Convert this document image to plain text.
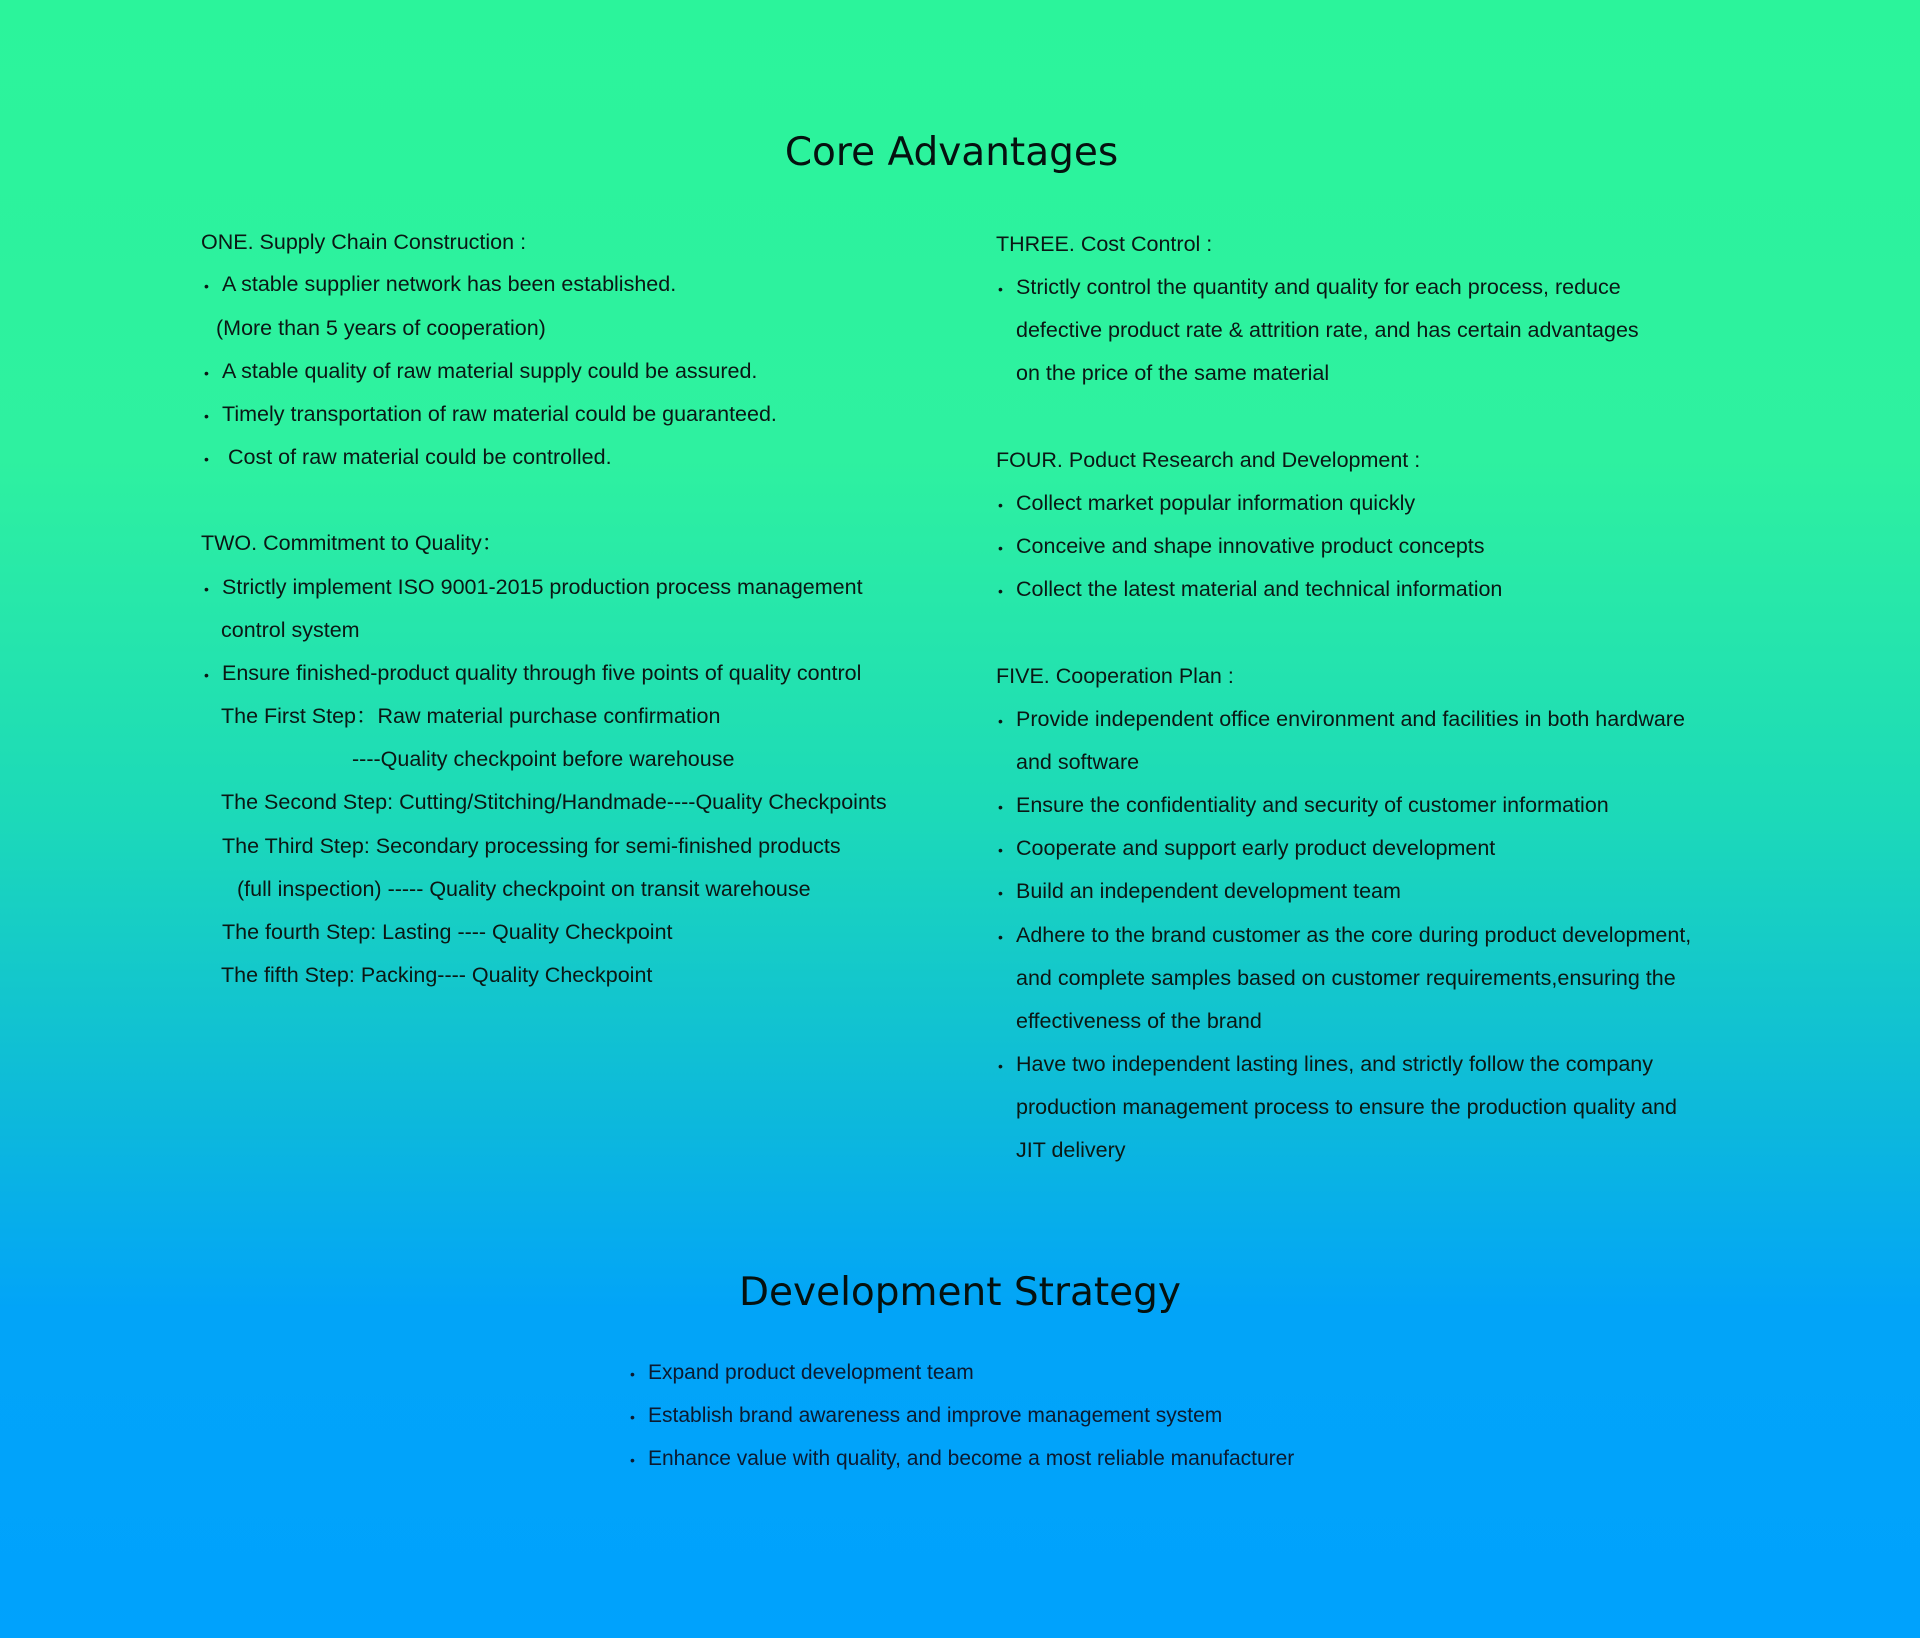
Core Advantages
ONE. Supply Chain Construction :
A stable supplier network has been established.
(More than 5 years of cooperation)
A stable quality of raw material supply could be assured.
Timely transportation of raw material could be guaranteed.
Cost of raw material could be controlled.
TWO. Commitment to Quality：
Strictly implement ISO 9001-2015 production process management
control system
Ensure finished-product quality through five points of quality control
The First Step：Raw material purchase confirmation
----Quality checkpoint before warehouse
The Second Step: Cutting/Stitching/Handmade----Quality Checkpoints
The Third Step: Secondary processing for semi-finished products
(full inspection) ----- Quality checkpoint on transit warehouse
The fourth Step: Lasting ---- Quality Checkpoint
The fifth Step: Packing---- Quality Checkpoint
THREE. Cost Control :
Strictly control the quantity and quality for each process, reduce
defective product rate & attrition rate, and has certain advantages
on the price of the same material
FOUR. Poduct Research and Development :
Collect market popular information quickly
Conceive and shape innovative product concepts
Collect the latest material and technical information
FIVE. Cooperation Plan :
Provide independent office environment and facilities in both hardware
and software
Ensure the confidentiality and security of customer information
Cooperate and support early product development
Build an independent development team
Adhere to the brand customer as the core during product development,
and complete samples based on customer requirements,ensuring the
effectiveness of the brand
Have two independent lasting lines, and strictly follow the company
production management process to ensure the production quality and
JIT delivery
Development Strategy
Expand product development team
Establish brand awareness and improve management system
Enhance value with quality, and become a most reliable manufacturer
